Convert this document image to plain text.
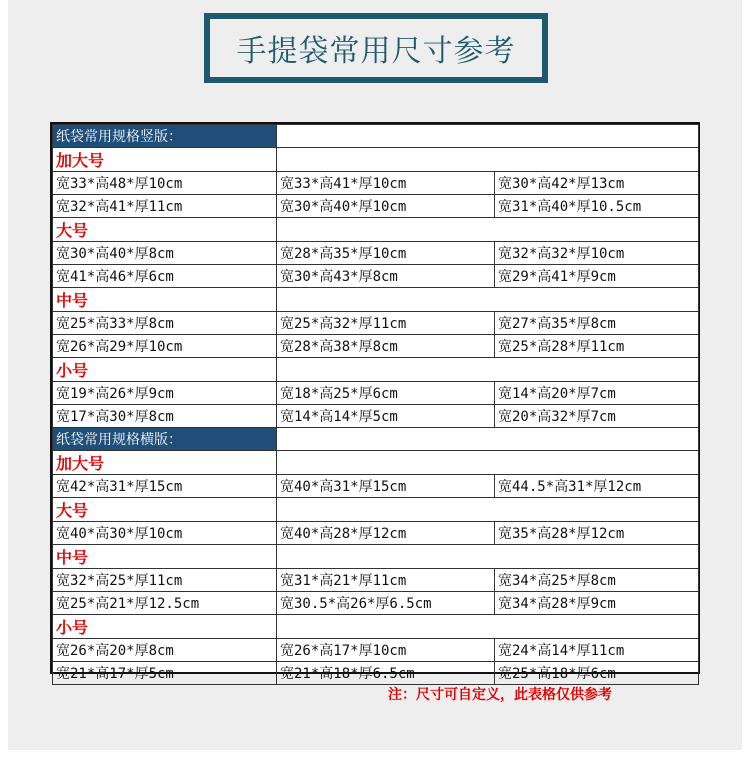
手提袋常用尺寸参考
纸袋常用规格竖版：		
加大号		
宽33*高48*厚10cm	宽33*高41*厚10cm	宽30*高42*厚13cm
宽32*高41*厚11cm	宽30*高40*厚10cm	宽31*高40*厚10.5cm
大号		
宽30*高40*厚8cm	宽28*高35*厚10cm	宽32*高32*厚10cm
宽41*高46*厚6cm	宽30*高43*厚8cm	宽29*高41*厚9cm
中号		
宽25*高33*厚8cm	宽25*高32*厚11cm	宽27*高35*厚8cm
宽26*高29*厚10cm	宽28*高38*厚8cm	宽25*高28*厚11cm
小号		
宽19*高26*厚9cm	宽18*高25*厚6cm	宽14*高20*厚7cm
宽17*高30*厚8cm	宽14*高14*厚5cm	宽20*高32*厚7cm
纸袋常用规格横版：		
加大号		
宽42*高31*厚15cm	宽40*高31*厚15cm	宽44.5*高31*厚12cm
大号		
宽40*高30*厚10cm	宽40*高28*厚12cm	宽35*高28*厚12cm
中号		
宽32*高25*厚11cm	宽31*高21*厚11cm	宽34*高25*厚8cm
宽25*高21*厚12.5cm	宽30.5*高26*厚6.5cm	宽34*高28*厚9cm
小号		
宽26*高20*厚8cm	宽26*高17*厚10cm	宽24*高14*厚11cm
宽21*高17*厚5cm	宽21*高18*厚6.5cm	宽25*高18*厚6cm
注：尺寸可自定义，此表格仅供参考
